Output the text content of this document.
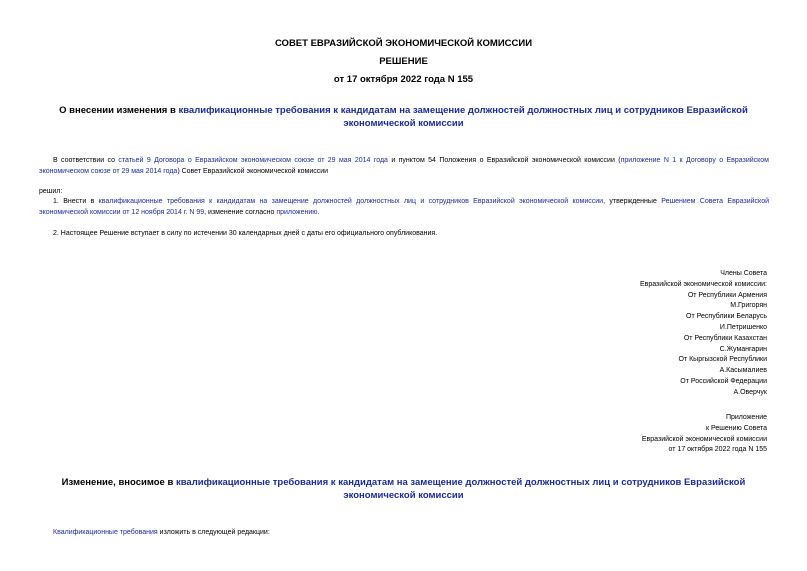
СОВЕТ ЕВРАЗИЙСКОЙ ЭКОНОМИЧЕСКОЙ КОМИССИИ
РЕШЕНИЕ
от 17 октября 2022 года N 155
О внесении изменения в квалификационные требования к кандидатам на замещение должностей должностных лиц и сотрудников Евразийской экономической комиссии
В соответствии со статьей 9 Договора о Евразийском экономическом союзе от 29 мая 2014 года и пунктом 54 Положения о Евразийской экономической комиссии (приложение N 1 к Договору о Евразийском экономическом союзе от 29 мая 2014 года) Совет Евразийской экономической комиссии
решил:
1. Внести в квалификационные требования к кандидатам на замещение должностей должностных лиц и сотрудников Евразийской экономической комиссии, утвержденные Решением Совета Евразийской экономической комиссии от 12 ноября 2014 г. N 99, изменение согласно приложению.
2. Настоящее Решение вступает в силу по истечении 30 календарных дней с даты его официального опубликования.
Члены Совета
Евразийской экономической комиссии:
От Республики Армения
М.Григорян
От Республики Беларусь
И.Петришенко
От Республики Казахстан
С.Жумангарин
От Кыргызской Республики
А.Касымалиев
От Российской Федерации
А.Оверчук
Приложение
к Решению Совета
Евразийской экономической комиссии
от 17 октября 2022 года N 155
Изменение, вносимое в квалификационные требования к кандидатам на замещение должностей должностных лиц и сотрудников Евразийской экономической комиссии
Квалификационные требования изложить в следующей редакции:
